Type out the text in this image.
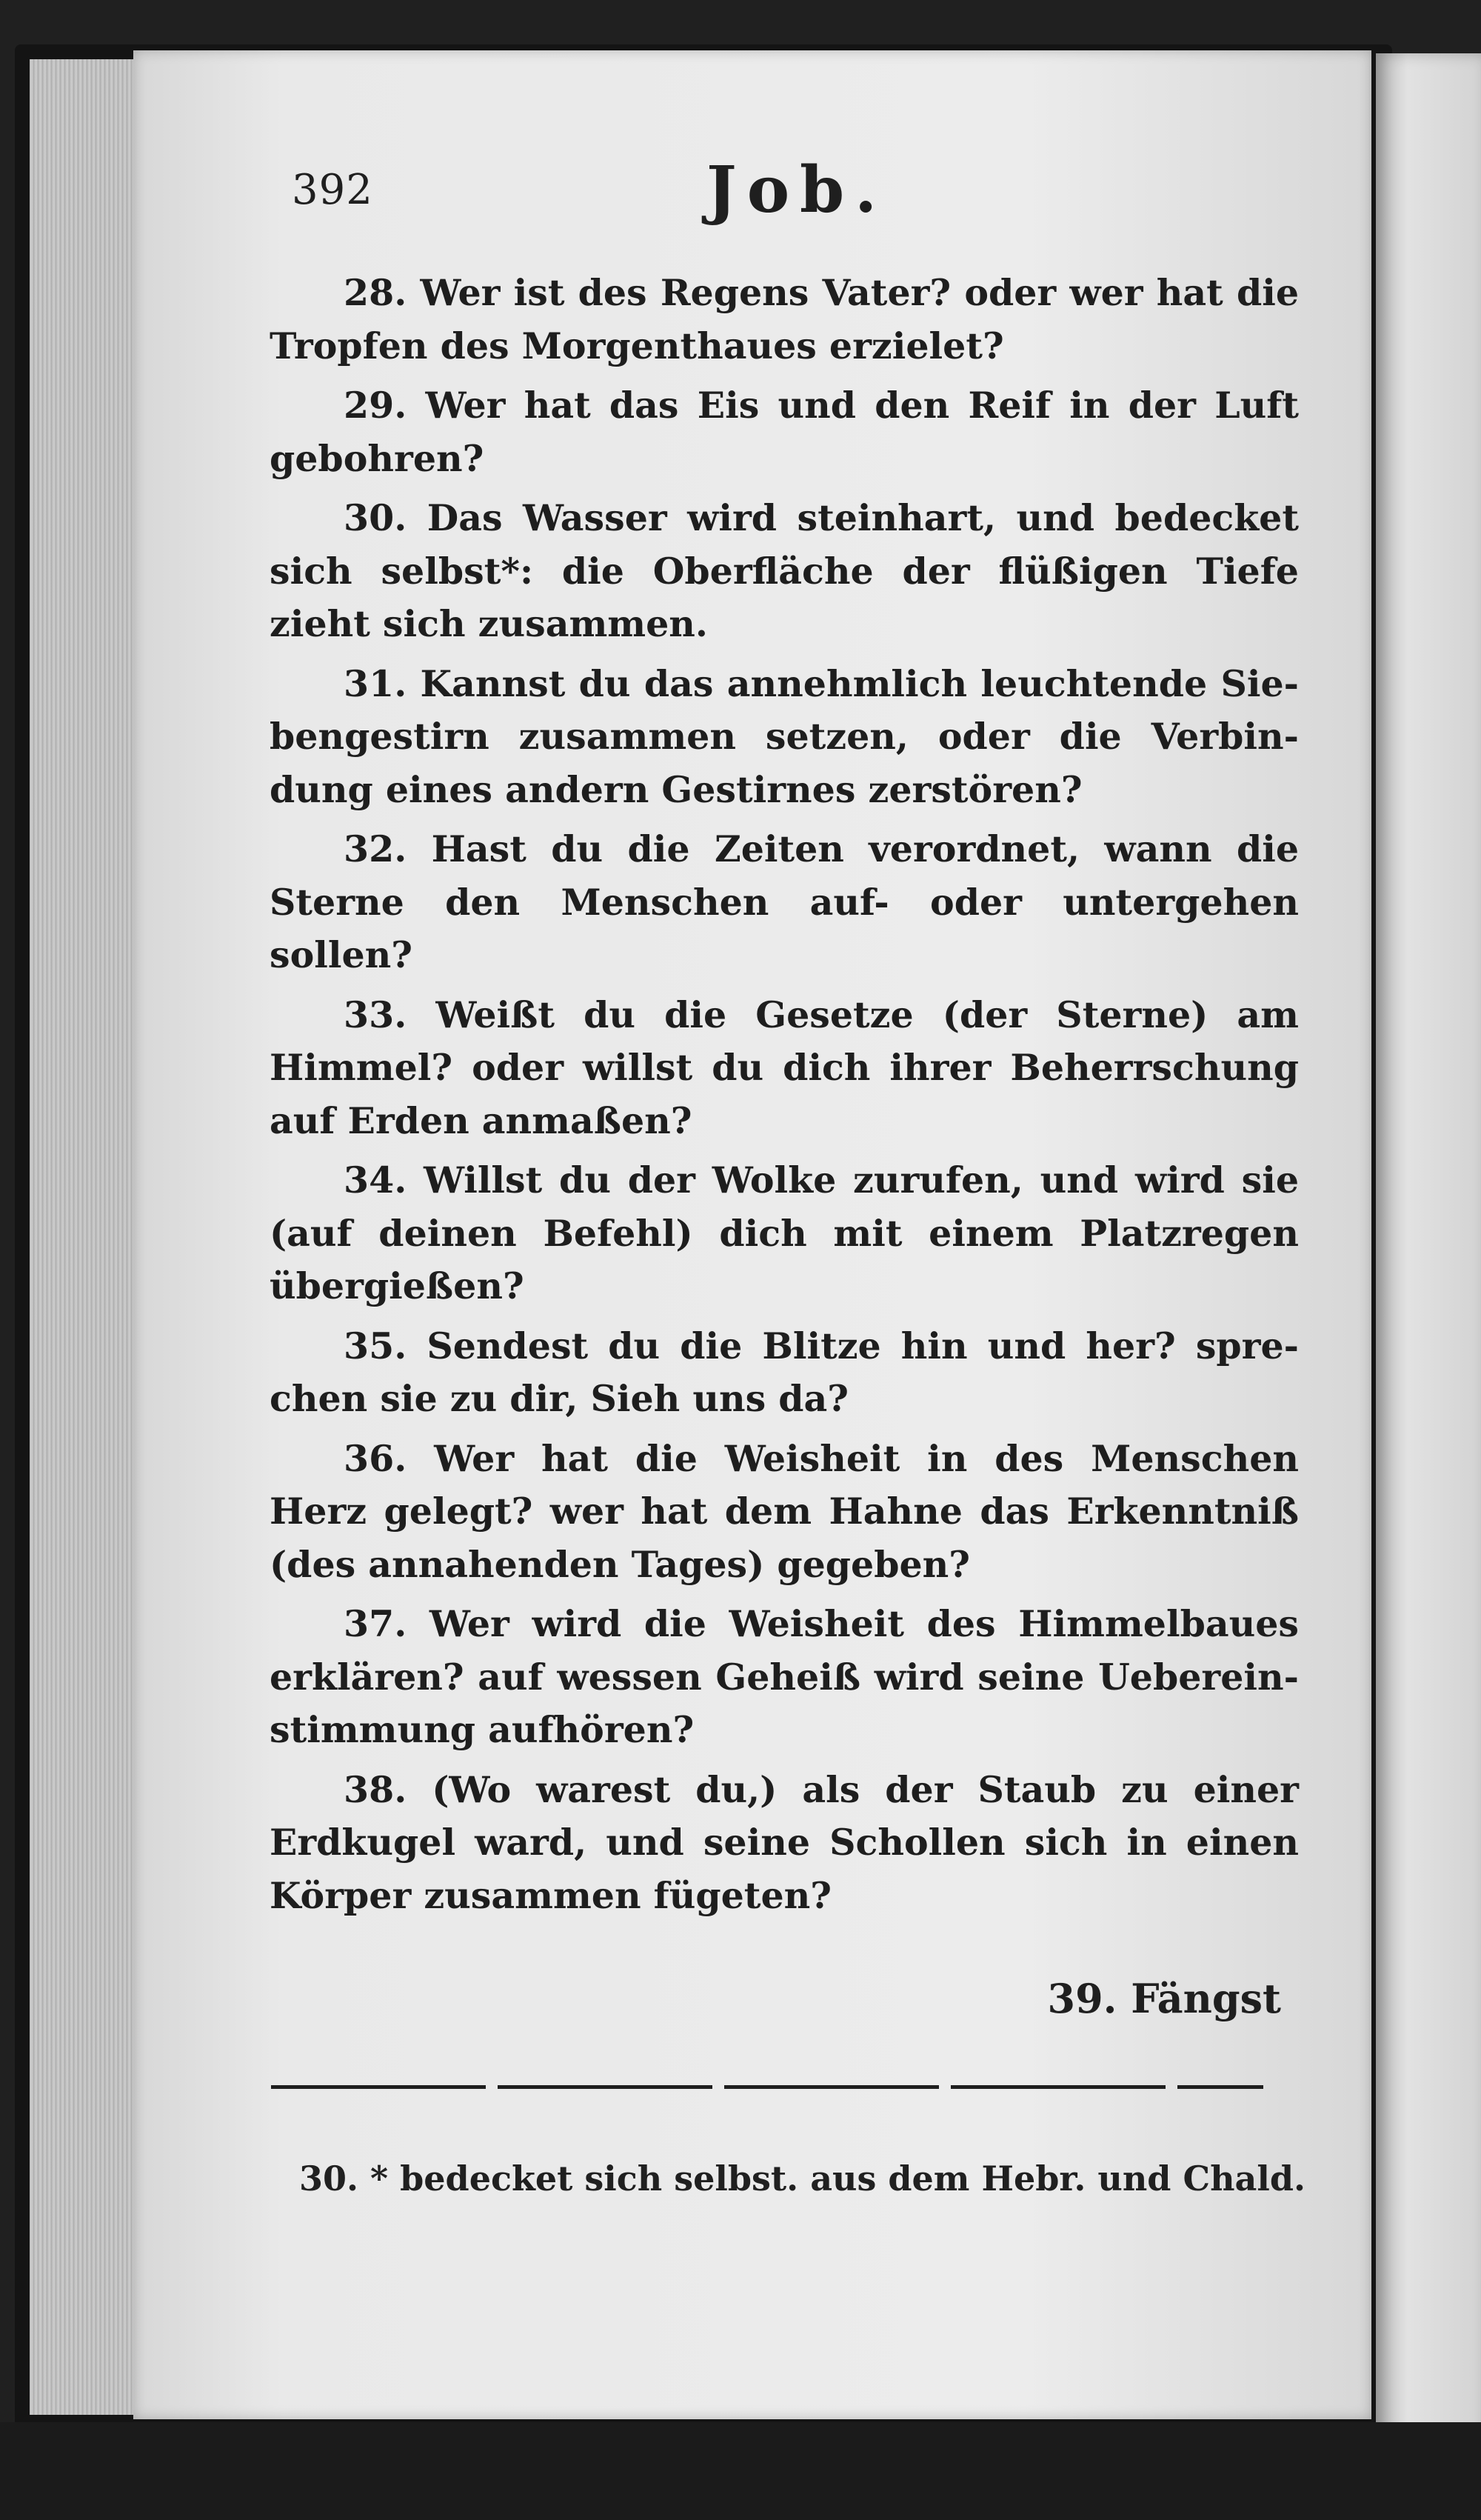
392	Job.
28. Wer ist des Regens Vater? oder wer hat die Tropfen des Morgenthaues erzielet?
29. Wer hat das Eis und den Reif in der Luft gebohren?
30. Das Wasser wird steinhart, und bedecket sich selbst*: die Oberfläche der flüßigen Tiefe zieht sich zusammen.
31. Kannst du das annehmlich leuchtende Siebengestirn zusammen setzen, oder die Verbindung eines andern Gestirnes zerstören?
32. Hast du die Zeiten verordnet, wann die Sterne den Menschen auf- oder untergehen sollen?
33. Weißt du die Gesetze (der Sterne) am Himmel? oder willst du dich ihrer Beherrschung auf Erden anmaßen?
34. Willst du der Wolke zurufen, und wird sie (auf deinen Befehl) dich mit einem Platzregen übergießen?
35. Sendest du die Blitze hin und her? sprechen sie zu dir, Sieh uns da?
36. Wer hat die Weisheit in des Menschen Herz gelegt? wer hat dem Hahne das Erkenntniß (des annahenden Tages) gegeben?
37. Wer wird die Weisheit des Himmelbaues erklären? auf wessen Geheiß wird seine Uebereinstimmung aufhören?
38. (Wo warest du,) als der Staub zu einer Erdkugel ward, und seine Schollen sich in einen Körper zusammen fügeten?
39. Fängst
30. * bedecket sich selbst. aus dem Hebr. und Chald.
